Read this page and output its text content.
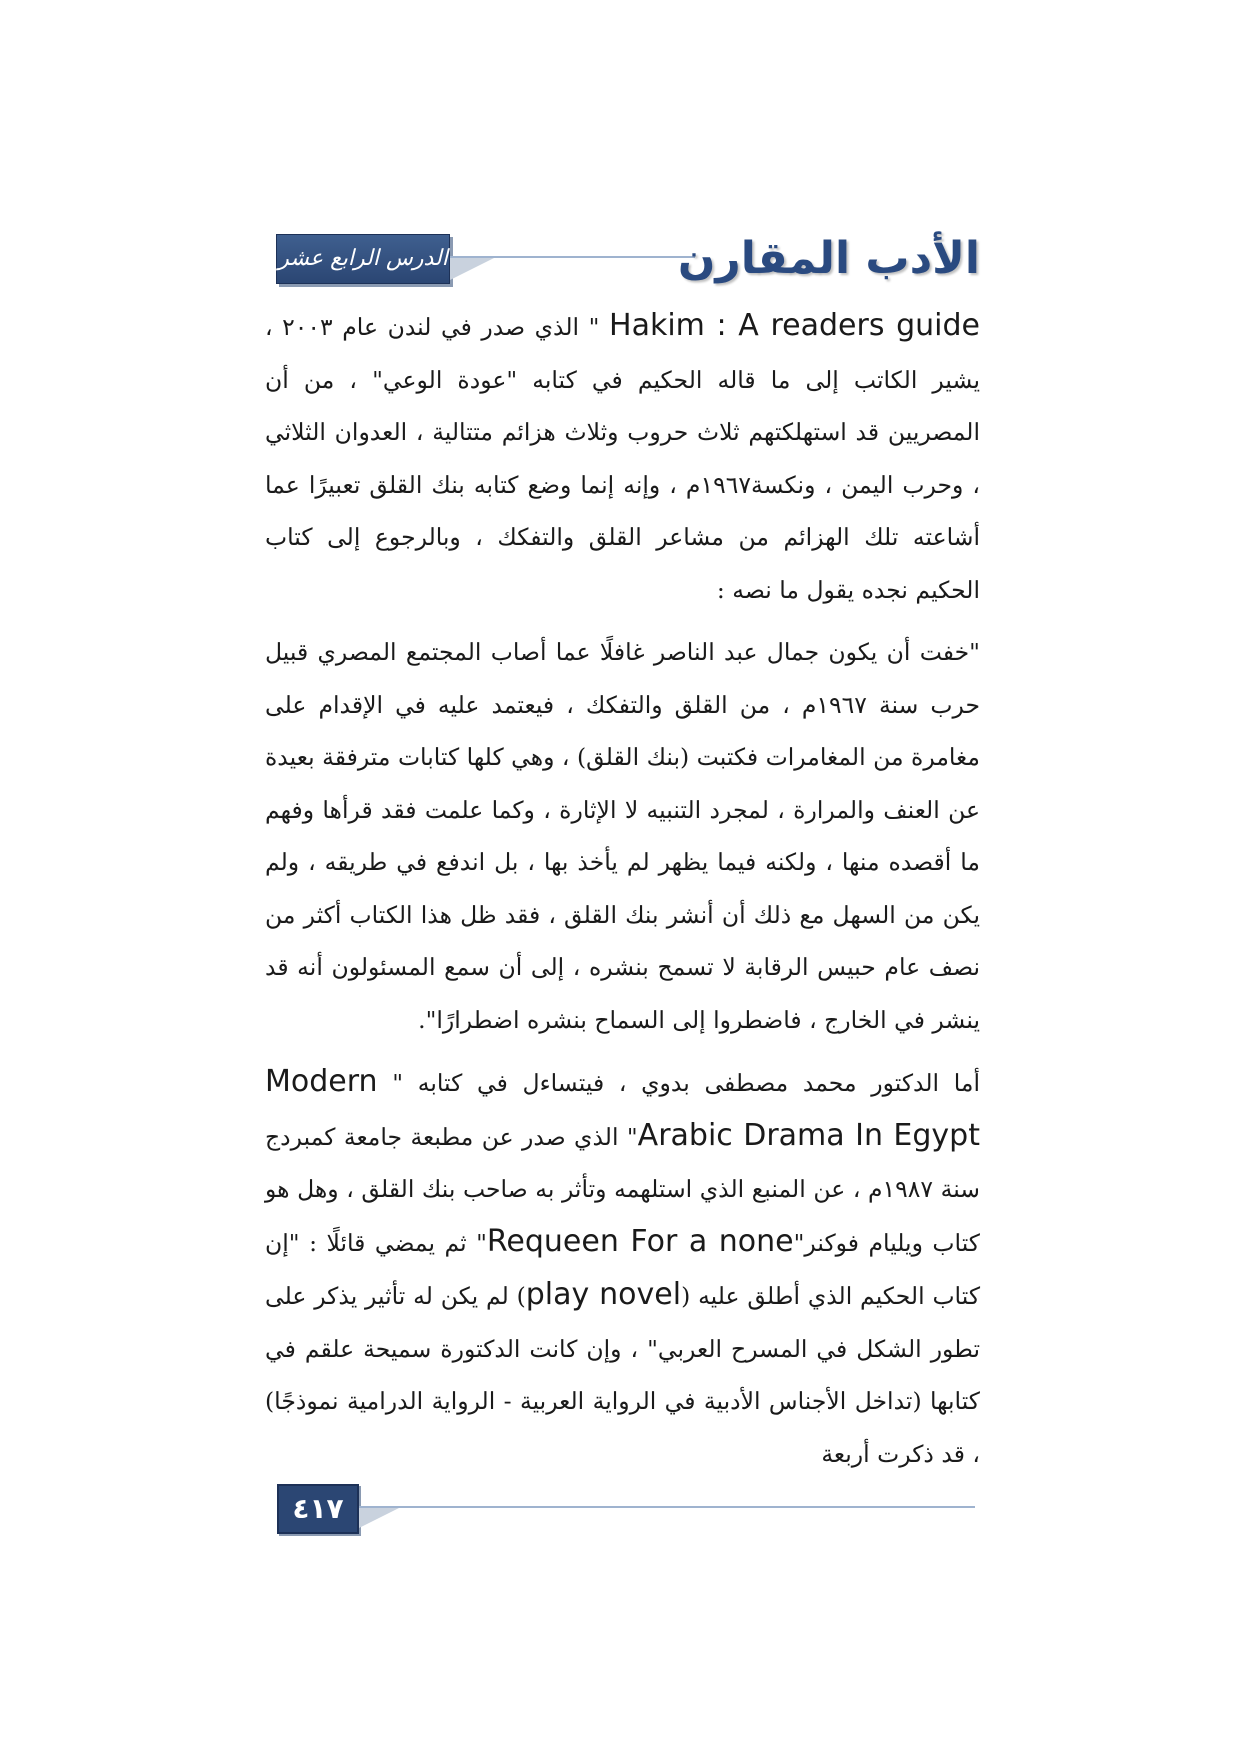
الدرس الرابع عشر	الأدب المقارن

Hakim : A readers guide " الذي صدر في لندن عام ٢٠٠٣ ، يشير الكاتب إلى ما قاله الحكيم في كتابه "عودة الوعي" ، من أن المصريين قد استهلكتهم ثلاث حروب وثلاث هزائم متتالية ، العدوان الثلاثي ، وحرب اليمن ، ونكسة١٩٦٧م ، وإنه إنما وضع كتابه بنك القلق تعبيرًا عما أشاعته تلك الهزائم من مشاعر القلق والتفكك ، وبالرجوع إلى كتاب الحكيم نجده يقول ما نصه :

"خفت أن يكون جمال عبد الناصر غافلًا عما أصاب المجتمع المصري قبيل حرب سنة ١٩٦٧م ، من القلق والتفكك ، فيعتمد عليه في الإقدام على مغامرة من المغامرات فكتبت (بنك القلق) ، وهي كلها كتابات مترفقة بعيدة عن العنف والمرارة ، لمجرد التنبيه لا الإثارة ، وكما علمت فقد قرأها وفهم ما أقصده منها ، ولكنه فيما يظهر لم يأخذ بها ، بل اندفع في طريقه ، ولم يكن من السهل مع ذلك أن أنشر بنك القلق ، فقد ظل هذا الكتاب أكثر من نصف عام حبيس الرقابة لا تسمح بنشره ، إلى أن سمع المسئولون أنه قد ينشر في الخارج ، فاضطروا إلى السماح بنشره اضطرارًا".

أما الدكتور محمد مصطفى بدوي ، فيتساءل في كتابه " Modern Arabic Drama In Egypt" الذي صدر عن مطبعة جامعة كمبردج سنة ١٩٨٧م ، عن المنبع الذي استلهمه وتأثر به صاحب بنك القلق ، وهل هو كتاب ويليام فوكنر"Requeen For a none" ثم يمضي قائلًا : "إن كتاب الحكيم الذي أطلق عليه (play novel) لم يكن له تأثير يذكر على تطور الشكل في المسرح العربي" ، وإن كانت الدكتورة سميحة علقم في كتابها (تداخل الأجناس الأدبية في الرواية العربية - الرواية الدرامية نموذجًا) ، قد ذكرت أربعة

٤١٧
